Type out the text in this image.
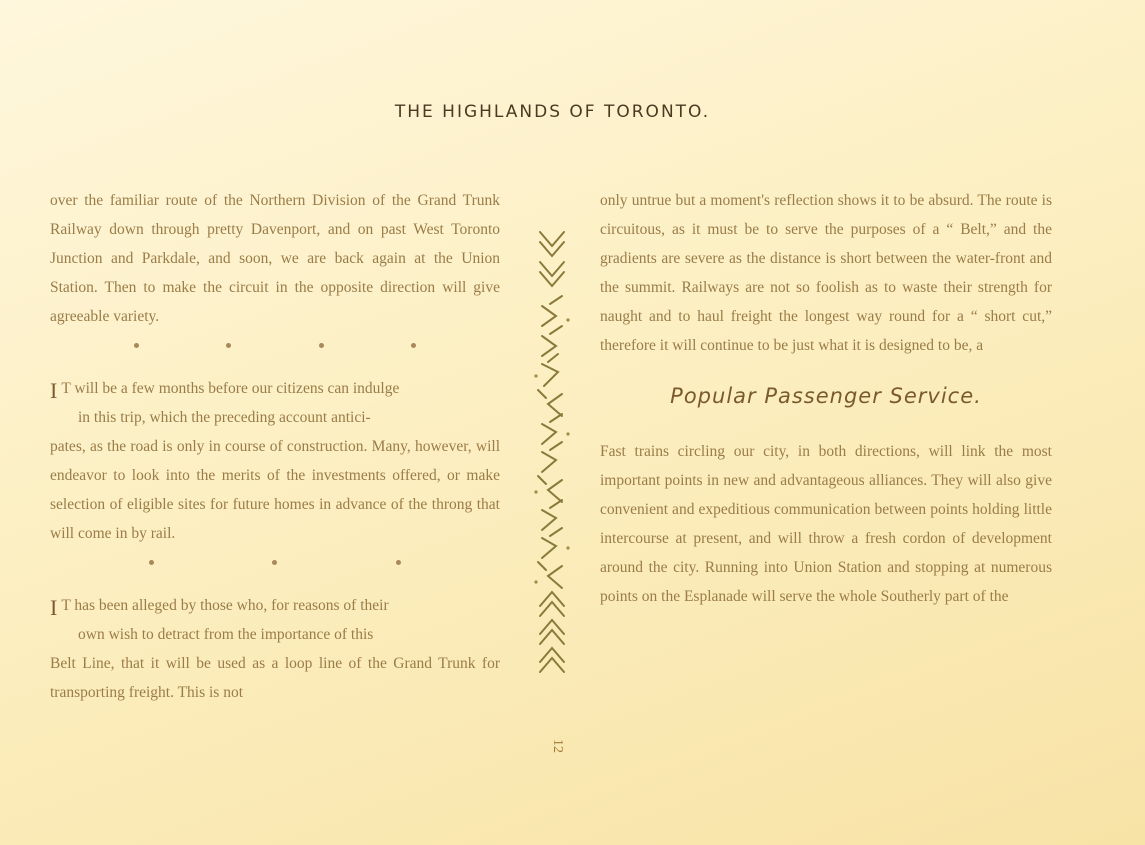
THE HIGHLANDS OF TORONTO.

over the familiar route of the Northern Division of the Grand Trunk Railway down through pretty Davenport, and on past West Toronto Junction and Parkdale, and soon, we are back again at the Union Station. Then to make the circuit in the opposite direction will give agreeable variety.

I T will be a few months before our citizens can indulge

in this trip, which the preceding account antici-
pates, as the road is only in course of construction. Many, however, will endeavor to look into the merits of the investments offered, or make selection of eligible sites for future homes in advance of the throng that will come in by rail.

I T has been alleged by those who, for reasons of their

own wish to detract from the importance of this
Belt Line, that it will be used as a loop line of the Grand Trunk for transporting freight. This is not

12

only untrue but a moment's reflection shows it to be absurd. The route is circuitous, as it must be to serve the purposes of a “ Belt,” and the gradients are severe as the distance is short between the water-front and the summit. Railways are not so foolish as to waste their strength for naught and to haul freight the longest way round for a “ short cut,” therefore it will continue to be just what it is designed to be, a

Popular Passenger Service.

Fast trains circling our city, in both directions, will link the most important points in new and advantageous alliances. They will also give convenient and expeditious communication between points holding little intercourse at present, and will throw a fresh cordon of development around the city. Running into Union Station and stopping at numerous points on the Esplanade will serve the whole Southerly part of the
